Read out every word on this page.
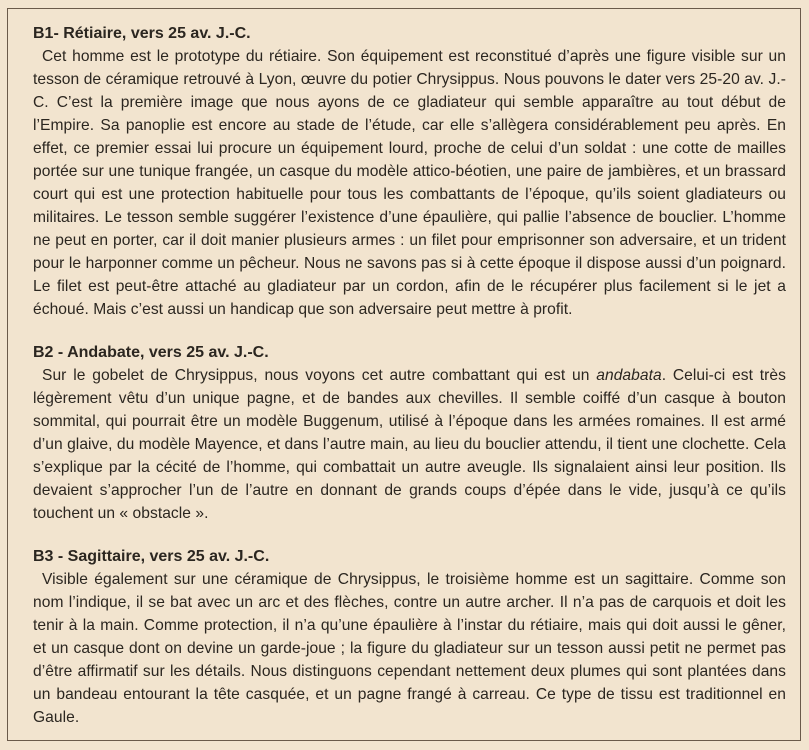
B1- Rétiaire, vers 25 av. J.-C.

Cet homme est le prototype du rétiaire. Son équipement est reconstitué d’après une figure visible sur un tesson de céramique retrouvé à Lyon, œuvre du potier Chrysippus. Nous pouvons le dater vers 25-20 av. J.-C. C’est la première image que nous ayons de ce gladiateur qui semble apparaître au tout début de l’Empire. Sa panoplie est encore au stade de l’étude, car elle s’allègera considérablement peu après. En effet, ce premier essai lui procure un équipement lourd, proche de celui d’un soldat : une cotte de mailles portée sur une tunique frangée, un casque du modèle attico-béotien, une paire de jambières, et un brassard court qui est une protection habituelle pour tous les combattants de l’époque, qu’ils soient gladiateurs ou militaires. Le tesson semble suggérer l’existence d’une épaulière, qui pallie l’absence de bouclier. L’homme ne peut en porter, car il doit manier plusieurs armes : un filet pour emprisonner son adversaire, et un trident pour le harponner comme un pêcheur. Nous ne savons pas si à cette époque il dispose aussi d’un poignard. Le filet est peut-être attaché au gladiateur par un cordon, afin de le récupérer plus facilement si le jet a échoué. Mais c’est aussi un handicap que son adversaire peut mettre à profit.

B2 - Andabate, vers 25 av. J.-C.

Sur le gobelet de Chrysippus, nous voyons cet autre combattant qui est un andabata. Celui-ci est très légèrement vêtu d’un unique pagne, et de bandes aux chevilles. Il semble coiffé d’un casque à bouton sommital, qui pourrait être un modèle Buggenum, utilisé à l’époque dans les armées romaines. Il est armé d’un glaive, du modèle Mayence, et dans l’autre main, au lieu du bouclier attendu, il tient une clochette. Cela s’explique par la cécité de l’homme, qui combattait un autre aveugle. Ils signalaient ainsi leur position. Ils devaient s’approcher l’un de l’autre en donnant de grands coups d’épée dans le vide, jusqu’à ce qu’ils touchent un « obstacle ».

B3 - Sagittaire, vers 25 av. J.-C.

Visible également sur une céramique de Chrysippus, le troisième homme est un sagittaire. Comme son nom l’indique, il se bat avec un arc et des flèches, contre un autre archer. Il n’a pas de carquois et doit les tenir à la main. Comme protection, il n’a qu’une épaulière à l’instar du rétiaire, mais qui doit aussi le gêner, et un casque dont on devine un garde-joue ; la figure du gladiateur sur un tesson aussi petit ne permet pas d’être affirmatif sur les détails. Nous distinguons cependant nettement deux plumes qui sont plantées dans un bandeau entourant la tête casquée, et un pagne frangé à carreau. Ce type de tissu est traditionnel en Gaule.
